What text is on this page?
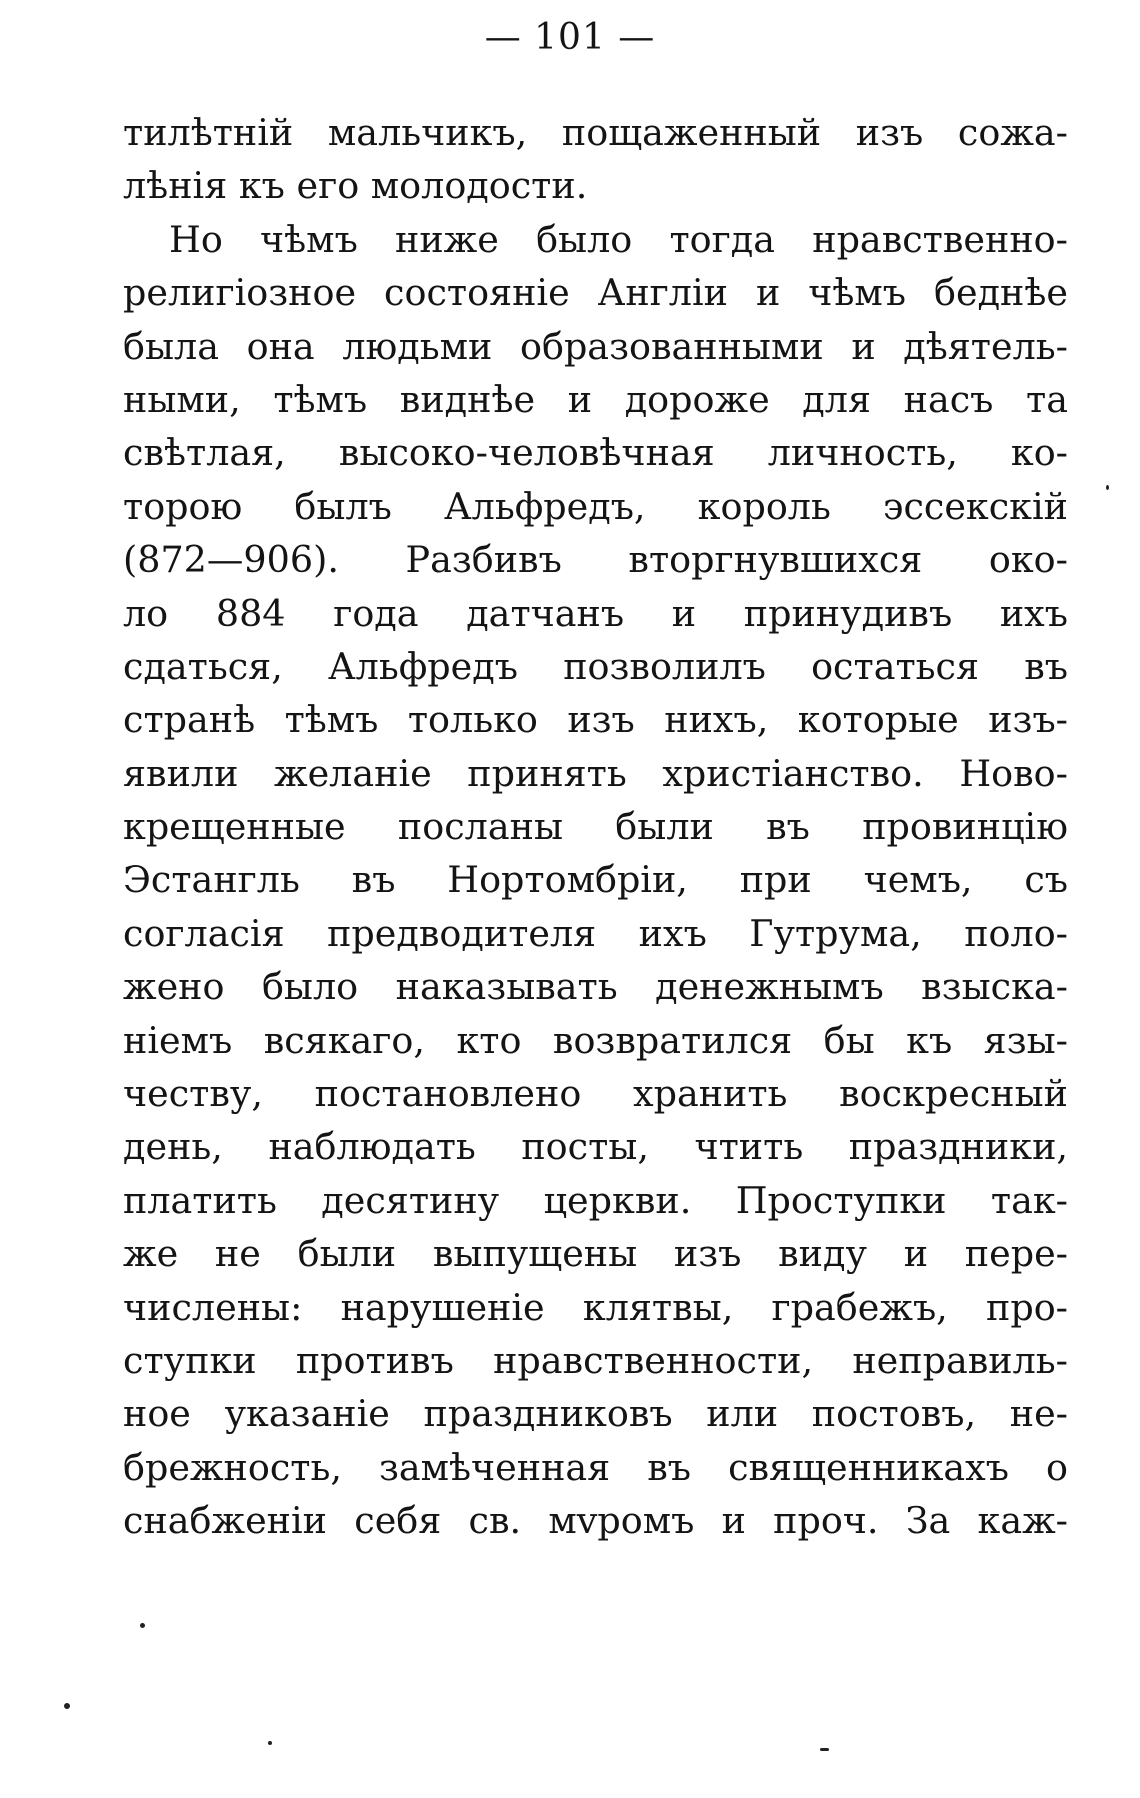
— 101 —
тилѣтній мальчикъ, пощаженный изъ сожа-
лѣнія къ его молодости.
Но чѣмъ ниже было тогда нравственно-
религіозное состояніе Англіи и чѣмъ беднѣе
была она людьми образованными и дѣятель-
ными, тѣмъ виднѣе и дороже для насъ та
свѣтлая, высоко-человѣчная личность, ко-
торою былъ Альфредъ, король эссекскій
(872—906). Разбивъ вторгнувшихся око-
ло 884 года датчанъ и принудивъ ихъ
сдаться, Альфредъ позволилъ остаться въ
странѣ тѣмъ только изъ нихъ, которые изъ-
явили желаніе принять христіанство. Ново-
крещенные посланы были въ провинцію
Эстангль въ Нортомбріи, при чемъ, съ
согласія предводителя ихъ Гутрума, поло-
жено было наказывать денежнымъ взыска-
ніемъ всякаго, кто возвратился бы къ язы-
честву, постановлено хранить воскресный
день, наблюдать посты, чтить праздники,
платить десятину церкви. Проступки так-
же не были выпущены изъ виду и пере-
числены: нарушеніе клятвы, грабежъ, про-
ступки противъ нравственности, неправиль-
ное указаніе праздниковъ или постовъ, не-
брежность, замѣченная въ священникахъ о
снабженіи себя св. мvромъ и проч. За каж-
